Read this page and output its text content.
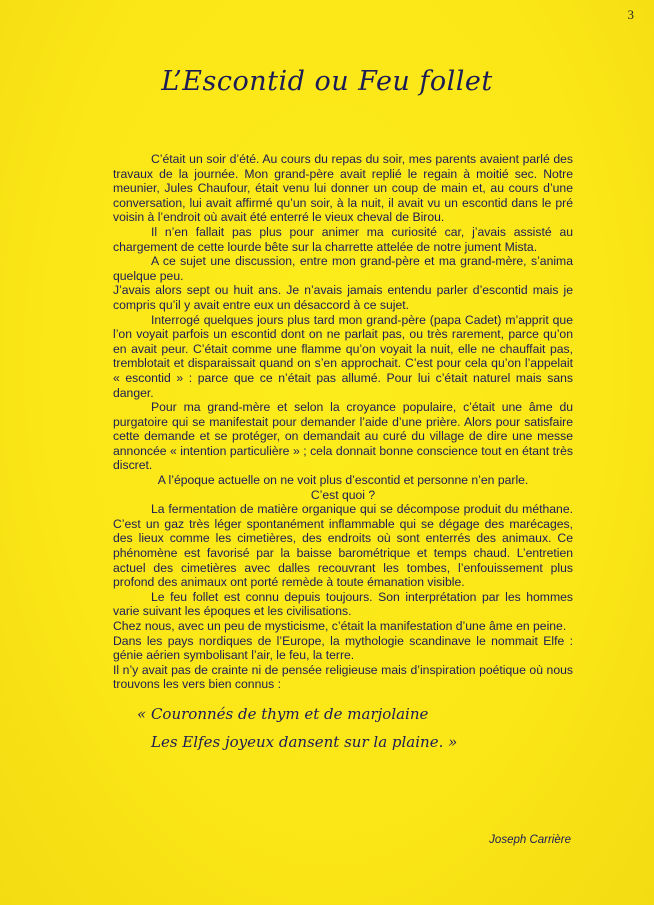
3
L’Escontid ou Feu follet

C’était un soir d’été. Au cours du repas du soir, mes parents avaient parlé des travaux de la journée. Mon grand-père avait replié le regain à moitié sec. Notre meunier, Jules Chaufour, était venu lui donner un coup de main et, au cours d’une conversation, lui avait affirmé qu’un soir, à la nuit, il avait vu un escontid dans le pré voisin à l’endroit où avait été enterré le vieux cheval de Birou.

Il n’en fallait pas plus pour animer ma curiosité car, j’avais assisté au chargement de cette lourde bête sur la charrette attelée de notre jument Mista.

A ce sujet une discussion, entre mon grand-père et ma grand-mère, s’anima quelque peu.

J’avais alors sept ou huit ans. Je n’avais jamais entendu parler d’escontid mais je compris qu’il y avait entre eux un désaccord à ce sujet.

Interrogé quelques jours plus tard mon grand-père (papa Cadet) m’apprit que l’on voyait parfois un escontid dont on ne parlait pas, ou très rarement, parce qu’on en avait peur. C’était comme une flamme qu’on voyait la nuit, elle ne chauffait pas, tremblotait et disparaissait quand on s’en approchait. C’est pour cela qu’on l’appelait « escontid » : parce que ce n’était pas allumé. Pour lui c’était naturel mais sans danger.

Pour ma grand-mère et selon la croyance populaire, c’était une âme du purgatoire qui se manifestait pour demander l’aide d’une prière. Alors pour satisfaire cette demande et se protéger, on demandait au curé du village de dire une messe annoncée « intention particulière » ; cela donnait bonne conscience tout en étant très discret.

A l’époque actuelle on ne voit plus d’escontid et personne n’en parle.

C’est quoi ?

La fermentation de matière organique qui se décompose produit du méthane. C’est un gaz très léger spontanément inflammable qui se dégage des marécages, des lieux comme les cimetières, des endroits où sont enterrés des animaux. Ce phénomène est favorisé par la baisse barométrique et temps chaud. L’entretien actuel des cimetières avec dalles recouvrant les tombes, l’enfouissement plus profond des animaux ont porté remède à toute émanation visible.

Le feu follet est connu depuis toujours. Son interprétation par les hommes varie suivant les époques et les civilisations.

Chez nous, avec un peu de mysticisme, c’était la manifestation d’une âme en peine.

Dans les pays nordiques de l’Europe, la mythologie scandinave le nommait Elfe : génie aérien symbolisant l’air, le feu, la terre.

Il n’y avait pas de crainte ni de pensée religieuse mais d’inspiration poétique où nous trouvons les vers bien connus :

« Couronnés de thym et de marjolaine
Les Elfes joyeux dansent sur la plaine. »
Joseph Carrière
